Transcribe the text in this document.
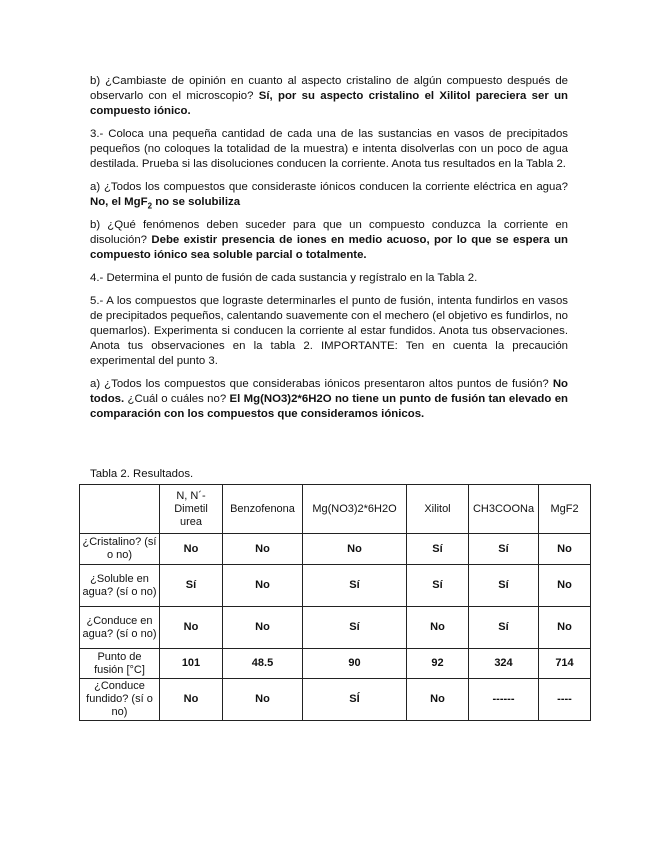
b) ¿Cambiaste de opinión en cuanto al aspecto cristalino de algún compuesto después de observarlo con el microscopio? Sí, por su aspecto cristalino el Xilitol pareciera ser un compuesto iónico.

3.- Coloca una pequeña cantidad de cada una de las sustancias en vasos de precipitados pequeños (no coloques la totalidad de la muestra) e intenta disolverlas con un poco de agua destilada. Prueba si las disoluciones conducen la corriente. Anota tus resultados en la Tabla 2.

a) ¿Todos los compuestos que consideraste iónicos conducen la corriente eléctrica en agua? No, el MgF$_2$ no se solubiliza

b) ¿Qué fenómenos deben suceder para que un compuesto conduzca la corriente en disolución? Debe existir presencia de iones en medio acuoso, por lo que se espera un compuesto iónico sea soluble parcial o totalmente.

4.- Determina el punto de fusión de cada sustancia y regístralo en la Tabla 2.

5.- A los compuestos que lograste determinarles el punto de fusión, intenta fundirlos en vasos de precipitados pequeños, calentando suavemente con el mechero (el objetivo es fundirlos, no quemarlos). Experimenta si conducen la corriente al estar fundidos. Anota tus observaciones. Anota tus observaciones en la tabla 2. IMPORTANTE: Ten en cuenta la precaución experimental del punto 3.

a) ¿Todos los compuestos que considerabas iónicos presentaron altos puntos de fusión? No todos. ¿Cuál o cuáles no? El Mg(NO3)2*6H2O no tiene un punto de fusión tan elevado en comparación con los compuestos que consideramos iónicos.

Tabla 2. Resultados.
	N, N´-Dimetil urea	Benzofenona	Mg(NO3)2*6H2O	Xilitol	CH3COONa	MgF2
¿Cristalino? (sí o no)	No	No	No	Sí	Sí	No
¿Soluble en agua? (sí o no)	Sí	No	Sí	Sí	Sí	No
¿Conduce en agua? (sí o no)	No	No	Sí	No	Sí	No
Punto de fusión [°C]	101	48.5	90	92	324	714
¿Conduce fundido? (sí o no)	No	No	SÍ	No	------	----
